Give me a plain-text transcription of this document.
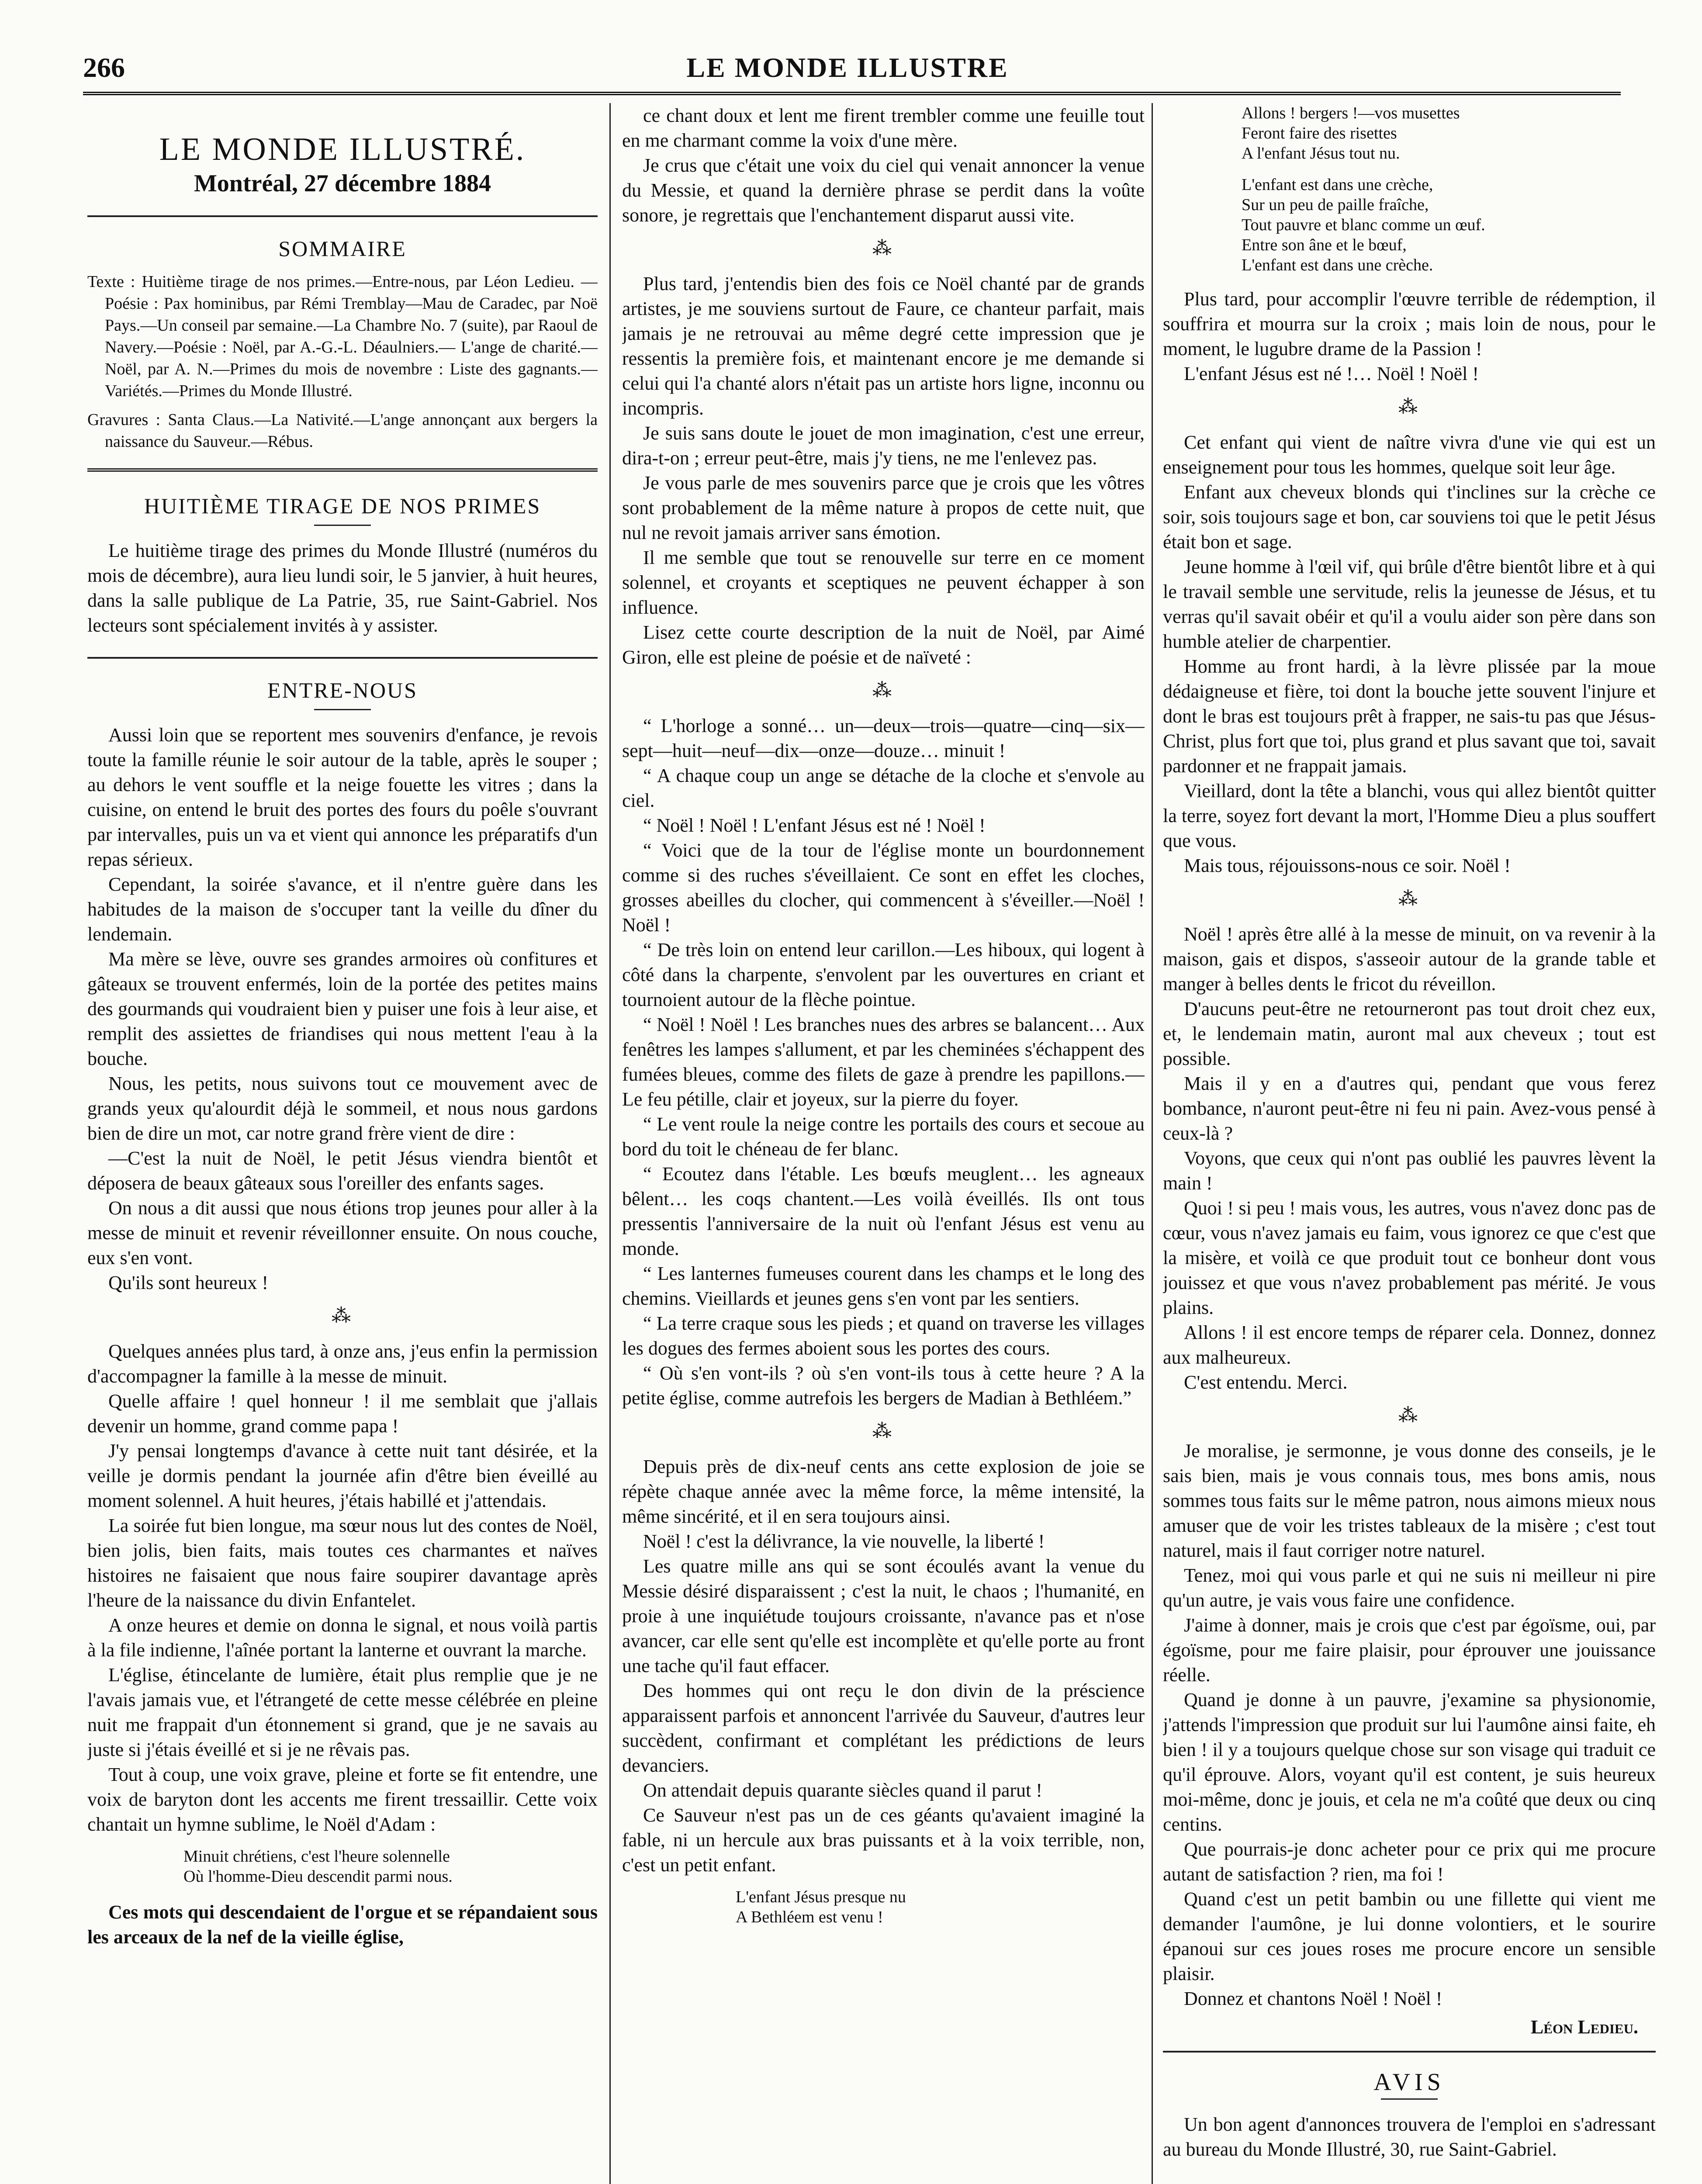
266	LE MONDE ILLUSTRE
LE MONDE ILLUSTRÉ.
Montréal, 27 décembre 1884
SOMMAIRE

Texte : Huitième tirage de nos primes.—Entre-nous, par Léon Ledieu. — Poésie : Pax hominibus, par Rémi Tremblay—Mau de Caradec, par Noë Pays.—Un conseil par semaine.—La Chambre No. 7 (suite), par Raoul de Navery.—Poésie : Noël, par A.-G.-L. Déaulniers.— L'ange de charité.—Noël, par A. N.—Primes du mois de novembre : Liste des gagnants.—Variétés.—Primes du Monde Illustré.

Gravures : Santa Claus.—La Nativité.—L'ange annonçant aux bergers la naissance du Sauveur.—Rébus.

HUITIÈME TIRAGE DE NOS PRIMES

Le huitième tirage des primes du Monde Illustré (numéros du mois de décembre), aura lieu lundi soir, le 5 janvier, à huit heures, dans la salle publique de La Patrie, 35, rue Saint-Gabriel. Nos lecteurs sont spécialement invités à y assister.

ENTRE-NOUS

Aussi loin que se reportent mes souvenirs d'enfance, je revois toute la famille réunie le soir autour de la table, après le souper ; au dehors le vent souffle et la neige fouette les vitres ; dans la cuisine, on entend le bruit des portes des fours du poêle s'ouvrant par intervalles, puis un va et vient qui annonce les préparatifs d'un repas sérieux.

Cependant, la soirée s'avance, et il n'entre guère dans les habitudes de la maison de s'occuper tant la veille du dîner du lendemain.

Ma mère se lève, ouvre ses grandes armoires où confitures et gâteaux se trouvent enfermés, loin de la portée des petites mains des gourmands qui voudraient bien y puiser une fois à leur aise, et remplit des assiettes de friandises qui nous mettent l'eau à la bouche.

Nous, les petits, nous suivons tout ce mouvement avec de grands yeux qu'alourdit déjà le sommeil, et nous nous gardons bien de dire un mot, car notre grand frère vient de dire :

—C'est la nuit de Noël, le petit Jésus viendra bientôt et déposera de beaux gâteaux sous l'oreiller des enfants sages.

On nous a dit aussi que nous étions trop jeunes pour aller à la messe de minuit et revenir réveillonner ensuite. On nous couche, eux s'en vont.

Qu'ils sont heureux !

⁂

Quelques années plus tard, à onze ans, j'eus enfin la permission d'accompagner la famille à la messe de minuit.

Quelle affaire ! quel honneur ! il me semblait que j'allais devenir un homme, grand comme papa !

J'y pensai longtemps d'avance à cette nuit tant désirée, et la veille je dormis pendant la journée afin d'être bien éveillé au moment solennel. A huit heures, j'étais habillé et j'attendais.

La soirée fut bien longue, ma sœur nous lut des contes de Noël, bien jolis, bien faits, mais toutes ces charmantes et naïves histoires ne faisaient que nous faire soupirer davantage après l'heure de la naissance du divin Enfantelet.

A onze heures et demie on donna le signal, et nous voilà partis à la file indienne, l'aînée portant la lanterne et ouvrant la marche.

L'église, étincelante de lumière, était plus remplie que je ne l'avais jamais vue, et l'étrangeté de cette messe célébrée en pleine nuit me frappait d'un étonnement si grand, que je ne savais au juste si j'étais éveillé et si je ne rêvais pas.

Tout à coup, une voix grave, pleine et forte se fit entendre, une voix de baryton dont les accents me firent tressaillir. Cette voix chantait un hymne sublime, le Noël d'Adam :

Minuit chrétiens, c'est l'heure solennelle
Où l'homme-Dieu descendit parmi nous.

Ces mots qui descendaient de l'orgue et se répandaient sous les arceaux de la nef de la vieille église,

ce chant doux et lent me firent trembler comme une feuille tout en me charmant comme la voix d'une mère.

Je crus que c'était une voix du ciel qui venait annoncer la venue du Messie, et quand la dernière phrase se perdit dans la voûte sonore, je regrettais que l'enchantement disparut aussi vite.

⁂

Plus tard, j'entendis bien des fois ce Noël chanté par de grands artistes, je me souviens surtout de Faure, ce chanteur parfait, mais jamais je ne retrouvai au même degré cette impression que je ressentis la première fois, et maintenant encore je me demande si celui qui l'a chanté alors n'était pas un artiste hors ligne, inconnu ou incompris.

Je suis sans doute le jouet de mon imagination, c'est une erreur, dira-t-on ; erreur peut-être, mais j'y tiens, ne me l'enlevez pas.

Je vous parle de mes souvenirs parce que je crois que les vôtres sont probablement de la même nature à propos de cette nuit, que nul ne revoit jamais arriver sans émotion.

Il me semble que tout se renouvelle sur terre en ce moment solennel, et croyants et sceptiques ne peuvent échapper à son influence.

Lisez cette courte description de la nuit de Noël, par Aimé Giron, elle est pleine de poésie et de naïveté :

⁂

“ L'horloge a sonné… un—deux—trois—quatre—cinq—six—sept—huit—neuf—dix—onze—douze… minuit !

“ A chaque coup un ange se détache de la cloche et s'envole au ciel.

“ Noël ! Noël ! L'enfant Jésus est né ! Noël !

“ Voici que de la tour de l'église monte un bourdonnement comme si des ruches s'éveillaient. Ce sont en effet les cloches, grosses abeilles du clocher, qui commencent à s'éveiller.—Noël ! Noël !

“ De très loin on entend leur carillon.—Les hiboux, qui logent à côté dans la charpente, s'envolent par les ouvertures en criant et tournoient autour de la flèche pointue.

“ Noël ! Noël ! Les branches nues des arbres se balancent… Aux fenêtres les lampes s'allument, et par les cheminées s'échappent des fumées bleues, comme des filets de gaze à prendre les papillons.— Le feu pétille, clair et joyeux, sur la pierre du foyer.

“ Le vent roule la neige contre les portails des cours et secoue au bord du toit le chéneau de fer blanc.

“ Ecoutez dans l'étable. Les bœufs meuglent… les agneaux bêlent… les coqs chantent.—Les voilà éveillés. Ils ont tous pressentis l'anniversaire de la nuit où l'enfant Jésus est venu au monde.

“ Les lanternes fumeuses courent dans les champs et le long des chemins. Vieillards et jeunes gens s'en vont par les sentiers.

“ La terre craque sous les pieds ; et quand on traverse les villages les dogues des fermes aboient sous les portes des cours.

“ Où s'en vont-ils ? où s'en vont-ils tous à cette heure ? A la petite église, comme autrefois les bergers de Madian à Bethléem.”

⁂

Depuis près de dix-neuf cents ans cette explosion de joie se répète chaque année avec la même force, la même intensité, la même sincérité, et il en sera toujours ainsi.

Noël ! c'est la délivrance, la vie nouvelle, la liberté !

Les quatre mille ans qui se sont écoulés avant la venue du Messie désiré disparaissent ; c'est la nuit, le chaos ; l'humanité, en proie à une inquiétude toujours croissante, n'avance pas et n'ose avancer, car elle sent qu'elle est incomplète et qu'elle porte au front une tache qu'il faut effacer.

Des hommes qui ont reçu le don divin de la préscience apparaissent parfois et annoncent l'arrivée du Sauveur, d'autres leur succèdent, confirmant et complétant les prédictions de leurs devanciers.

On attendait depuis quarante siècles quand il parut !

Ce Sauveur n'est pas un de ces géants qu'avaient imaginé la fable, ni un hercule aux bras puissants et à la voix terrible, non, c'est un petit enfant.

L'enfant Jésus presque nu
A Bethléem est venu !
Allons ! bergers !—vos musettes
Feront faire des risettes
A l'enfant Jésus tout nu.
L'enfant est dans une crèche,
Sur un peu de paille fraîche,
Tout pauvre et blanc comme un œuf.
Entre son âne et le bœuf,
L'enfant est dans une crèche.

Plus tard, pour accomplir l'œuvre terrible de rédemption, il souffrira et mourra sur la croix ; mais loin de nous, pour le moment, le lugubre drame de la Passion !

L'enfant Jésus est né !… Noël ! Noël !

⁂

Cet enfant qui vient de naître vivra d'une vie qui est un enseignement pour tous les hommes, quelque soit leur âge.

Enfant aux cheveux blonds qui t'inclines sur la crèche ce soir, sois toujours sage et bon, car souviens toi que le petit Jésus était bon et sage.

Jeune homme à l'œil vif, qui brûle d'être bientôt libre et à qui le travail semble une servitude, relis la jeunesse de Jésus, et tu verras qu'il savait obéir et qu'il a voulu aider son père dans son humble atelier de charpentier.

Homme au front hardi, à la lèvre plissée par la moue dédaigneuse et fière, toi dont la bouche jette souvent l'injure et dont le bras est toujours prêt à frapper, ne sais-tu pas que Jésus-Christ, plus fort que toi, plus grand et plus savant que toi, savait pardonner et ne frappait jamais.

Vieillard, dont la tête a blanchi, vous qui allez bientôt quitter la terre, soyez fort devant la mort, l'Homme Dieu a plus souffert que vous.

Mais tous, réjouissons-nous ce soir. Noël !

⁂

Noël ! après être allé à la messe de minuit, on va revenir à la maison, gais et dispos, s'asseoir autour de la grande table et manger à belles dents le fricot du réveillon.

D'aucuns peut-être ne retourneront pas tout droit chez eux, et, le lendemain matin, auront mal aux cheveux ; tout est possible.

Mais il y en a d'autres qui, pendant que vous ferez bombance, n'auront peut-être ni feu ni pain. Avez-vous pensé à ceux-là ?

Voyons, que ceux qui n'ont pas oublié les pauvres lèvent la main !

Quoi ! si peu ! mais vous, les autres, vous n'avez donc pas de cœur, vous n'avez jamais eu faim, vous ignorez ce que c'est que la misère, et voilà ce que produit tout ce bonheur dont vous jouissez et que vous n'avez probablement pas mérité. Je vous plains.

Allons ! il est encore temps de réparer cela. Donnez, donnez aux malheureux.

C'est entendu. Merci.

⁂

Je moralise, je sermonne, je vous donne des conseils, je le sais bien, mais je vous connais tous, mes bons amis, nous sommes tous faits sur le même patron, nous aimons mieux nous amuser que de voir les tristes tableaux de la misère ; c'est tout naturel, mais il faut corriger notre naturel.

Tenez, moi qui vous parle et qui ne suis ni meilleur ni pire qu'un autre, je vais vous faire une confidence.

J'aime à donner, mais je crois que c'est par égoïsme, oui, par égoïsme, pour me faire plaisir, pour éprouver une jouissance réelle.

Quand je donne à un pauvre, j'examine sa physionomie, j'attends l'impression que produit sur lui l'aumône ainsi faite, eh bien ! il y a toujours quelque chose sur son visage qui traduit ce qu'il éprouve. Alors, voyant qu'il est content, je suis heureux moi-même, donc je jouis, et cela ne m'a coûté que deux ou cinq centins.

Que pourrais-je donc acheter pour ce prix qui me procure autant de satisfaction ? rien, ma foi !

Quand c'est un petit bambin ou une fillette qui vient me demander l'aumône, je lui donne volontiers, et le sourire épanoui sur ces joues roses me procure encore un sensible plaisir.

Donnez et chantons Noël ! Noël !

Léon Ledieu.
AVIS

Un bon agent d'annonces trouvera de l'emploi en s'adressant au bureau du Monde Illustré, 30, rue Saint-Gabriel.
